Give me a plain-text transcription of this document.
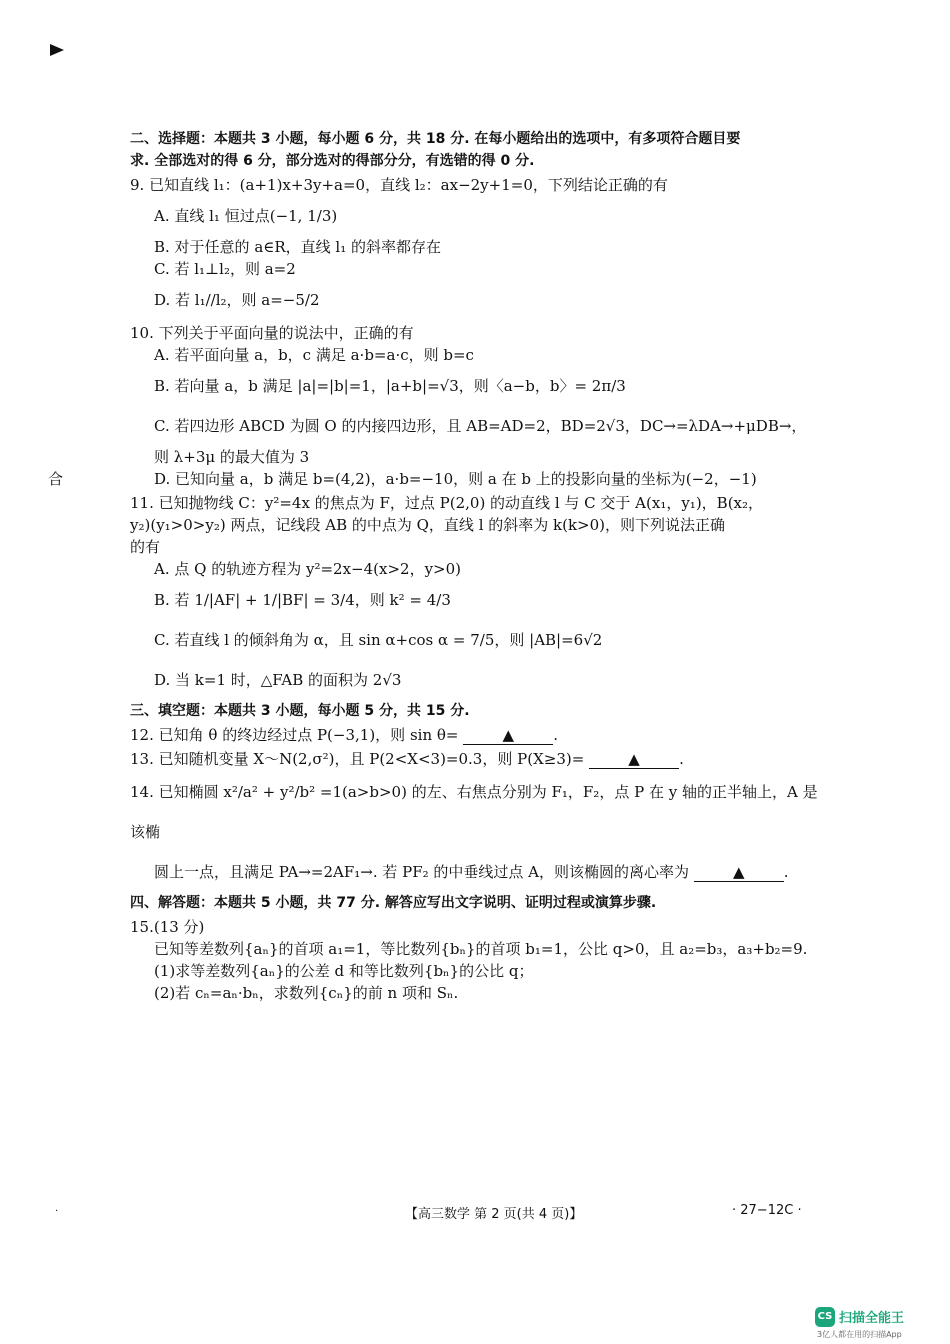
合

二、选择题：本题共 3 小题，每小题 6 分，共 18 分. 在每小题给出的选项中，有多项符合题目要

求. 全部选对的得 6 分，部分选对的得部分分，有选错的得 0 分.

9. 已知直线 l₁：(a+1)x+3y+a=0，直线 l₂：ax−2y+1=0，下列结论正确的有

A. 直线 l₁ 恒过点(−1, 1/3)

B. 对于任意的 a∈R，直线 l₁ 的斜率都存在

C. 若 l₁⊥l₂，则 a=2

D. 若 l₁//l₂，则 a=−5/2

10. 下列关于平面向量的说法中，正确的有

A. 若平面向量 a，b，c 满足 a·b=a·c，则 b=c

B. 若向量 a，b 满足 |a|=|b|=1，|a+b|=√3，则〈a−b，b〉= 2π/3

C. 若四边形 ABCD 为圆 O 的内接四边形，且 AB=AD=2，BD=2√3，DC→=λDA→+μDB→，

则 λ+3μ 的最大值为 3

D. 已知向量 a，b 满足 b=(4,2)，a·b=−10，则 a 在 b 上的投影向量的坐标为(−2，−1)

11. 已知抛物线 C：y²=4x 的焦点为 F，过点 P(2,0) 的动直线 l 与 C 交于 A(x₁，y₁)，B(x₂，

y₂)(y₁>0>y₂) 两点，记线段 AB 的中点为 Q，直线 l 的斜率为 k(k>0)，则下列说法正确

的有

A. 点 Q 的轨迹方程为 y²=2x−4(x>2，y>0)

B. 若 1/|AF| + 1/|BF| = 3/4，则 k² = 4/3

C. 若直线 l 的倾斜角为 α，且 sin α+cos α = 7/5，则 |AB|=6√2

D. 当 k=1 时，△FAB 的面积为 2√3

三、填空题：本题共 3 小题，每小题 5 分，共 15 分.

12. 已知角 θ 的终边经过点 P(−3,1)，则 sin θ=	▲	.

13. 已知随机变量 X～N(2,σ²)，且 P(2<X<3)=0.3，则 P(X≥3)=	▲	.

14. 已知椭圆 x²/a² + y²/b² =1(a>b>0) 的左、右焦点分别为 F₁，F₂，点 P 在 y 轴的正半轴上，A 是该椭

圆上一点，且满足 PA→=2AF₁→. 若 PF₂ 的中垂线过点 A，则该椭圆的离心率为	▲	.

四、解答题：本题共 5 小题，共 77 分. 解答应写出文字说明、证明过程或演算步骤.

15.(13 分)

已知等差数列{aₙ}的首项 a₁=1，等比数列{bₙ}的首项 b₁=1，公比 q>0，且 a₂=b₃，a₃+b₂=9.

(1)求等差数列{aₙ}的公差 d 和等比数列{bₙ}的公比 q；

(2)若 cₙ=aₙ·bₙ，求数列{cₙ}的前 n 项和 Sₙ.

·	【高三数学 第 2 页(共 4 页)】	· 27−12C ·
CS 扫描全能王
3亿人都在用的扫描App
